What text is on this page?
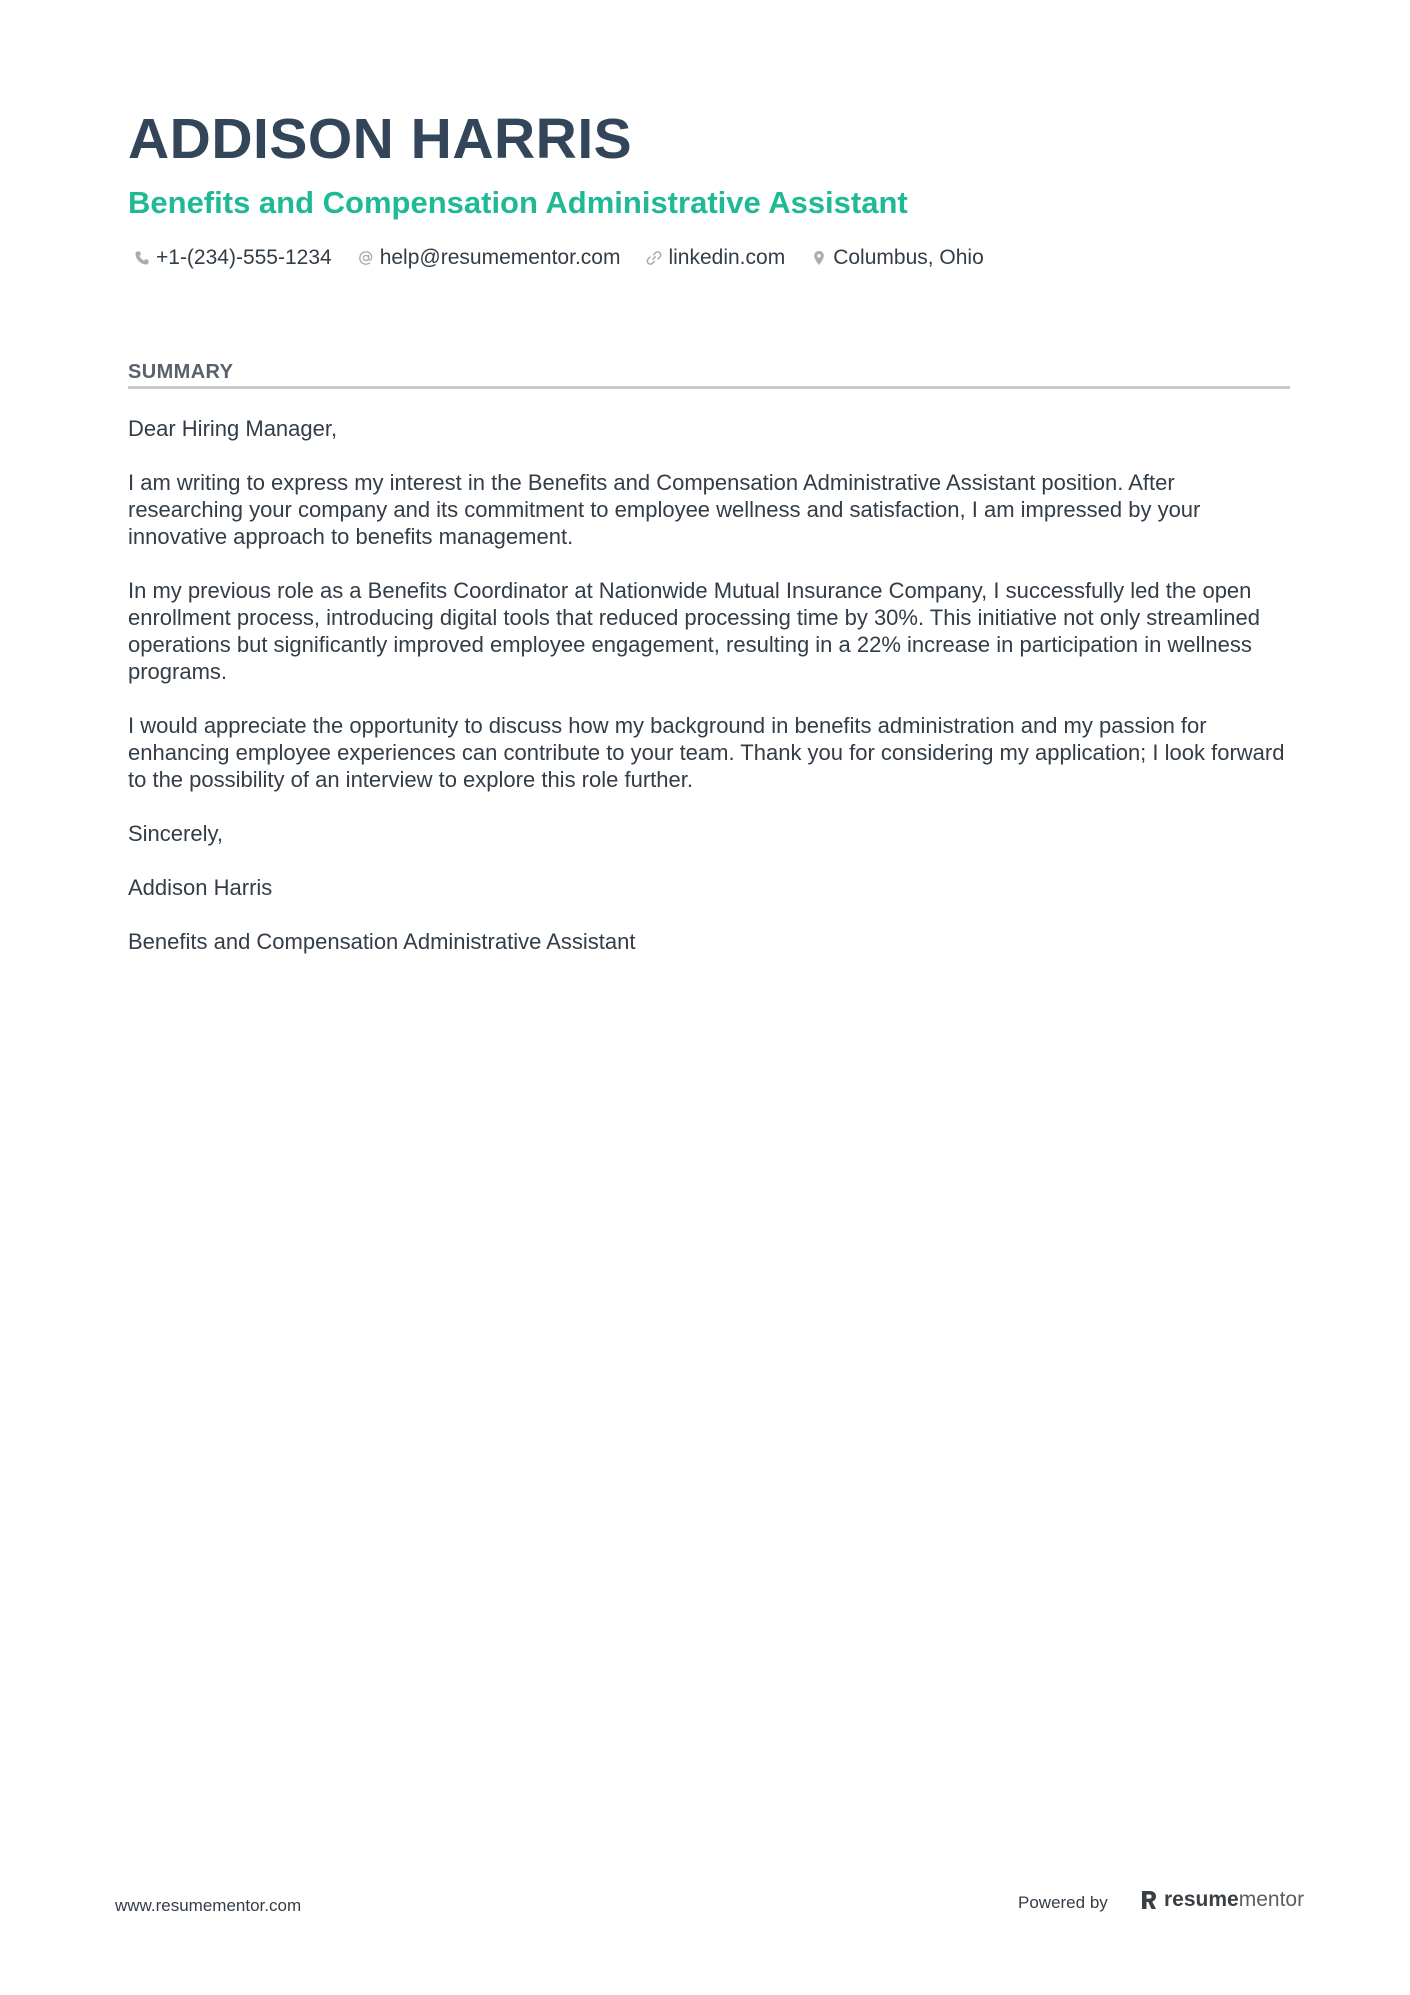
ADDISON HARRIS
Benefits and Compensation Administrative Assistant
+1-(234)-555-1234 help@resumementor.com linkedin.com Columbus, Ohio
SUMMARY

Dear Hiring Manager,

I am writing to express my interest in the Benefits and Compensation Administrative Assistant position. After researching your company and its commitment to employee wellness and satisfaction, I am impressed by your innovative approach to benefits management.

In my previous role as a Benefits Coordinator at Nationwide Mutual Insurance Company, I successfully led the open enrollment process, introducing digital tools that reduced processing time by 30%. This initiative not only streamlined operations but significantly improved employee engagement, resulting in a 22% increase in participation in wellness programs.

I would appreciate the opportunity to discuss how my background in benefits administration and my passion for enhancing employee experiences can contribute to your team. Thank you for considering my application; I look forward to the possibility of an interview to explore this role further.

Sincerely,

Addison Harris

Benefits and Compensation Administrative Assistant

www.resumementor.com	Powered by	resume mentor
